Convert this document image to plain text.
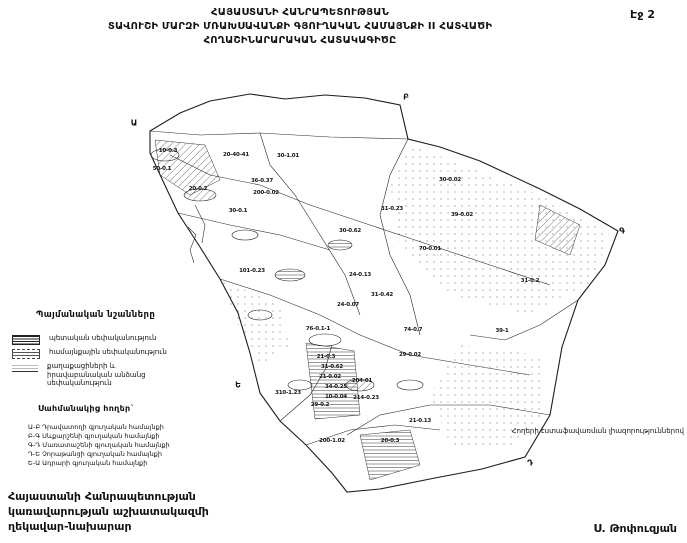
ՀԱՅԱՍՏԱՆԻ ՀԱՆՐԱՊԵՏՈՒԹՅԱՆ
ՏԱՎՈՒՇԻ ՄԱՐԶԻ ՄՌԱԽՍԱՎԱՆՔԻ ԳՅՈՒՂԱԿԱՆ ՀԱՄԱՅՆՔԻ II ՀԱՏՎԱԾԻ
ՀՈՂԱՇԻՆԱՐԱՐԱԿԱՆ ՀԱՏԱԿԱԳԻԾԸ
Էջ 2
10-0.3
50-0.1
20-0.2
20-40-41	30-1.01
36-0.37
200-0.02
30-0.1	31-0.23
30-0.02
39-0.02
30-0.62
70-0.01
24-0.13
101-0.23
31-0.42
31-0.2
24-0.07
76-0.1-1	74-0.7	39-1
29-0.02
21-0.3
31-0.62
21-0.02
34-0.25
204-01
10-0.04 214-0.23
29-0.2
310-1.23
21-0.13
200-1.02	20-0.3
Ա
Բ
Գ
Դ
Ե
Հողերի էստաֆավառման լիազորություններով

Պայմանական նշանները

պետական սեփականություն
համայնքային սեփականություն
քաղաքացիների և իրավաբանական անձանց սեփականություն

Սահմանակից հողեր`

Ա-Բ Դրավատողի գյուղական համայնքի
Բ-Գ Սևքարշենի գյուղական համայնքի
Գ-Դ Մառատաշենի գյուղական համայնքի
Դ-Ե Չորաթանցի գյուղական համայնքի
Ե-Ա Ադրարի գյուղական համայնքի
Հայաստանի Հանրապետության
կառավարության աշխատակազմի
ղեկավար-նախարար	Ս. Թոփուզյան
